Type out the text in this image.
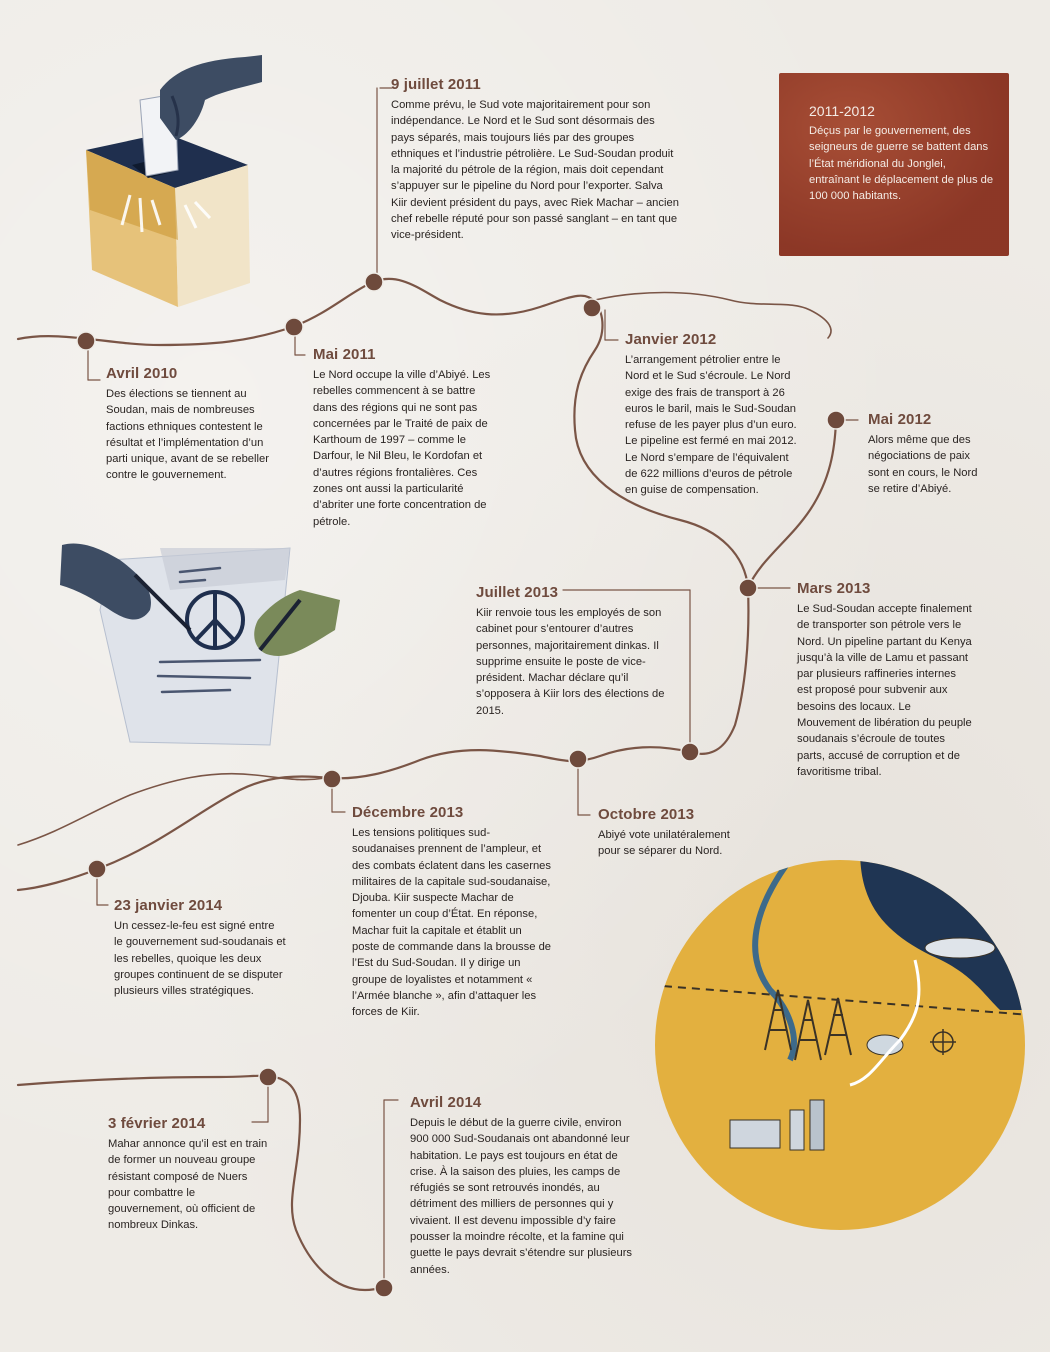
2011-2012
Déçus par le gouvernement, des seigneurs de guerre se battent dans l’État méridional du Jonglei, entraînant le déplacement de plus de 100 000 habitants.
9 juillet 2011
Comme prévu, le Sud vote majoritairement pour son indépendance. Le Nord et le Sud sont désormais des pays séparés, mais toujours liés par des groupes ethniques et l’industrie pétrolière. Le Sud-Soudan produit la majorité du pétrole de la région, mais doit cependant s’appuyer sur le pipeline du Nord pour l’exporter. Salva Kiir devient président du pays, avec Riek Machar – ancien chef rebelle réputé pour son passé sanglant – en tant que vice-président.
Avril 2010
Des élections se tiennent au Soudan, mais de nombreuses factions ethniques contestent le résultat et l’implémentation d’un parti unique, avant de se rebeller contre le gouvernement.
Mai 2011
Le Nord occupe la ville d’Abiyé. Les rebelles commencent à se battre dans des régions qui ne sont pas concernées par le Traité de paix de Karthoum de 1997 – comme le Darfour, le Nil Bleu, le Kordofan et d’autres régions frontalières. Ces zones ont aussi la particularité d’abriter une forte concentration de pétrole.
Janvier 2012
L’arrangement pétrolier entre le Nord et le Sud s’écroule. Le Nord exige des frais de transport à 26 euros le baril, mais le Sud-Soudan refuse de les payer plus d’un euro. Le pipeline est fermé en mai 2012. Le Nord s’empare de l’équivalent de 622 millions d’euros de pétrole en guise de compensation.
Mai 2012
Alors même que des négociations de paix sont en cours, le Nord se retire d’Abiyé.
Mars 2013
Le Sud-Soudan accepte finalement de transporter son pétrole vers le Nord. Un pipeline partant du Kenya jusqu’à la ville de Lamu et passant par plusieurs raffineries internes est proposé pour subvenir aux besoins des locaux. Le Mouvement de libération du peuple soudanais s’écroule de toutes parts, accusé de corruption et de favoritisme tribal.
Juillet 2013
Kiir renvoie tous les employés de son cabinet pour s’entourer d’autres personnes, majoritairement dinkas. Il supprime ensuite le poste de vice-président. Machar déclare qu’il s’opposera à Kiir lors des élections de 2015.
Octobre 2013
Abiyé vote unilatéralement pour se séparer du Nord.
Décembre 2013
Les tensions politiques sud-soudanaises prennent de l’ampleur, et des combats éclatent dans les casernes militaires de la capitale sud-soudanaise, Djouba. Kiir suspecte Machar de fomenter un coup d’État. En réponse, Machar fuit la capitale et établit un poste de commande dans la brousse de l’Est du Sud-Soudan. Il y dirige un groupe de loyalistes et notamment « l’Armée blanche », afin d’attaquer les forces de Kiir.
23 janvier 2014
Un cessez-le-feu est signé entre le gouvernement sud-soudanais et les rebelles, quoique les deux groupes continuent de se disputer plusieurs villes stratégiques.
3 février 2014
Mahar annonce qu’il est en train de former un nouveau groupe résistant composé de Nuers pour combattre le gouvernement, où officient de nombreux Dinkas.
Avril 2014
Depuis le début de la guerre civile, environ 900 000 Sud-Soudanais ont abandonné leur habitation. Le pays est toujours en état de crise. À la saison des pluies, les camps de réfugiés se sont retrouvés inondés, au détriment des milliers de personnes qui y vivaient. Il est devenu impossible d’y faire pousser la moindre récolte, et la famine qui guette le pays devrait s’étendre sur plusieurs années.
